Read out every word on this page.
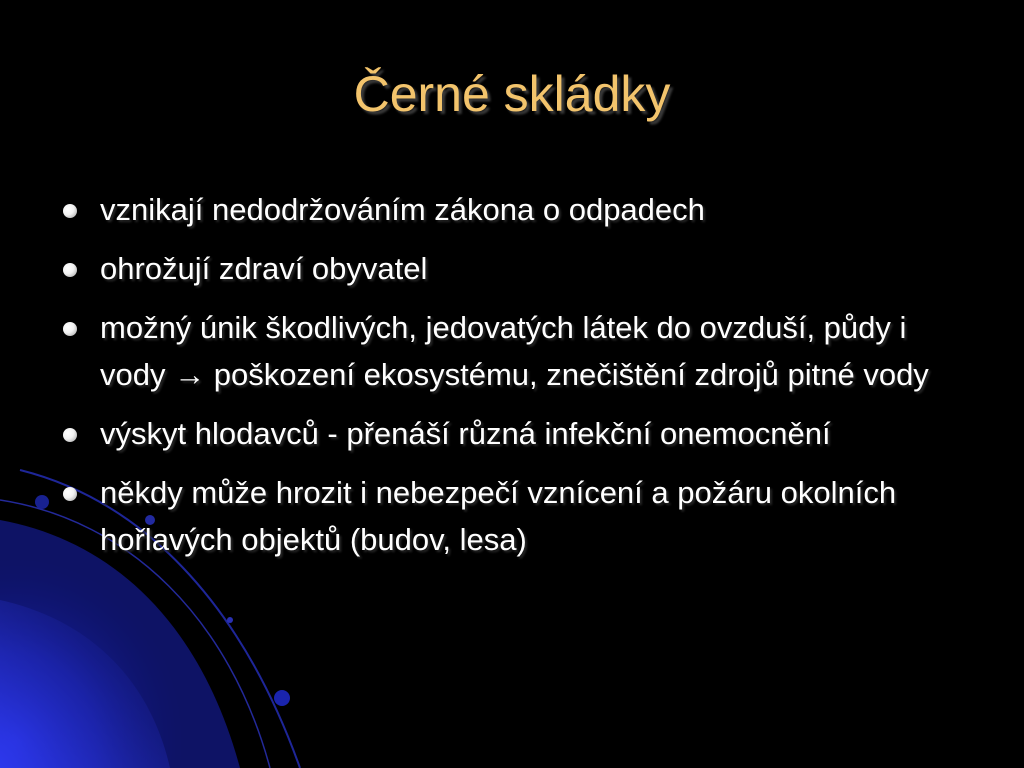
Černé skládky
vznikají nedodržováním zákona o odpadech
ohrožují zdraví obyvatel
možný únik škodlivých, jedovatých látek do ovzduší, půdy i vody → poškození ekosystému, znečištění zdrojů pitné vody
výskyt hlodavců - přenáší různá infekční onemocnění
někdy může hrozit i nebezpečí vznícení a požáru okolních hořlavých objektů (budov, lesa)
